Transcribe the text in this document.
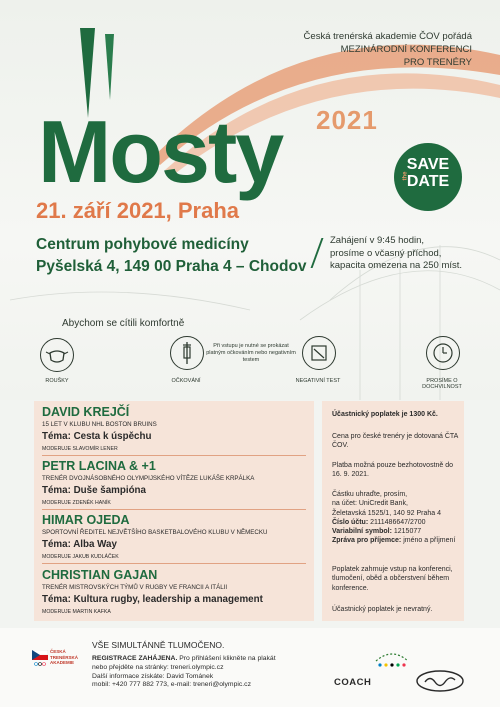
Česká trenérská akademie ČOV pořádá
MEZINÁRODNÍ KONFERENCI
PRO TRENÉRY
2021
Mosty	SAVE
the
DATE
21. září 2021, Praha
Centrum pohybové medicíny
Pyšelská 4, 149 00 Praha 4 – Chodov
Zahájení v 9:45 hodin,
prosíme o včasný příchod,
kapacita omezena na 250 míst.
Abychom se cítili komfortně
ROUŠKY	OČKOVÁNÍ
Při vstupu je nutné se prokázat platným očkováním nebo negativním testem
NEGATIVNÍ TEST	PROSÍME O DOCHVILNOST
DAVID KREJČÍ
15 LET V KLUBU NHL BOSTON BRUINS
Téma: Cesta k úspěchu
MODERUJE SLAVOMÍR LENER
PETR LACINA & +1
TRENÉR DVOJNÁSOBNÉHO OLYMPIJSKÉHO VÍTĚZE LUKÁŠE KRPÁLKA
Téma: Duše šampióna
MODERUJE ZDENĚK HANÍK
HIMAR OJEDA
SPORTOVNÍ ŘEDITEL NEJVĚTŠÍHO BASKETBALOVÉHO KLUBU V NĚMECKU
Téma: Alba Way
MODERUJE JAKUB KUDLÁČEK
CHRISTIAN GAJAN
TRENÉR MISTROVSKÝCH TÝMŮ V RUGBY VE FRANCII A ITÁLII
Téma: Kultura rugby, leadership a management
MODERUJE MARTIN KAFKA

Účastnický poplatek je 1300 Kč.

Cena pro české trenéry je dotovaná ČTA ČOV.

Platba možná pouze bezhotovostně do 16. 9. 2021.

Částku uhraďte, prosím,
na účet: UniCredit Bank,
Želetavská 1525/1, 140 92 Praha 4
Číslo účtu: 2111486647/2700
Variabilní symbol: 1215077
Zpráva pro příjemce: jméno a příjmení

Poplatek zahrnuje vstup na konferenci, tlumočení, oběd a občerstvení během konference.

Účastnický poplatek je nevratný.

ČESKÁ
TRENÉRSKÁ
AKADEMIE
VŠE SIMULTÁNNĚ TLUMOČENO.
REGISTRACE ZAHÁJENA. Pro přihlášení klikněte na plakát
nebo přejděte na stránky: treneri.olympic.cz
Další informace získáte: David Tománek
mobil: +420 777 882 773, e-mail: treneri@olympic.cz	COACH
